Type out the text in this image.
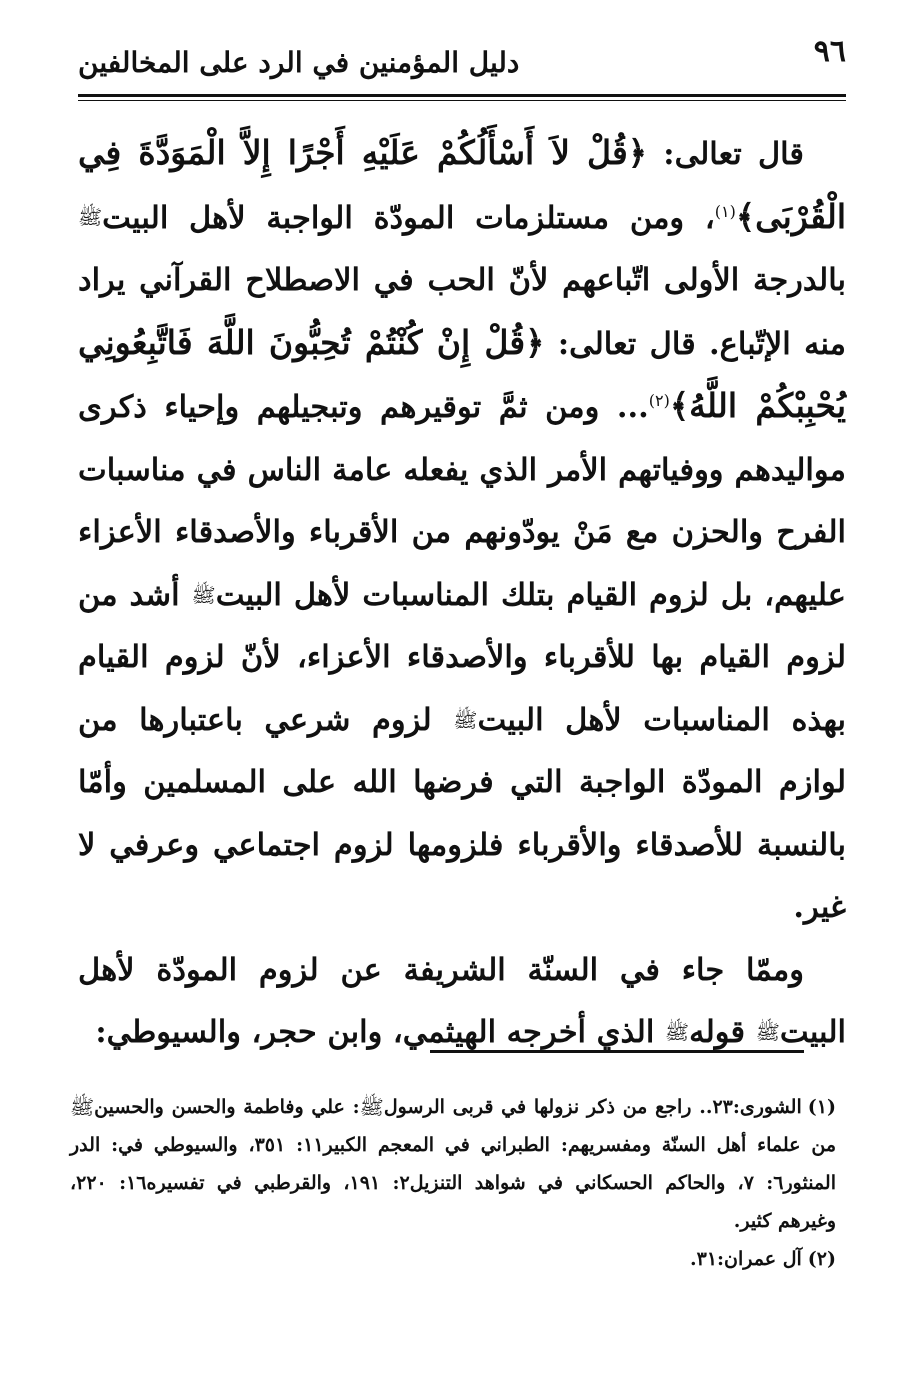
٩٦
دليل المؤمنين في الرد على المخالفين

قال تعالى: ﴿قُلْ لاَ أَسْأَلُكُمْ عَلَيْهِ أَجْرًا إِلاَّ الْمَوَدَّةَ فِي الْقُرْبَى﴾$^{(١)}$، ومن مستلزمات المودّة الواجبة لأهل البيت$^ﷺ$ بالدرجة الأولى اتّباعهم لأنّ الحب في الاصطلاح القرآني يراد منه الإتّباع. قال تعالى: ﴿قُلْ إِنْ كُنْتُمْ تُحِبُّونَ اللَّهَ فَاتَّبِعُونِي يُحْبِبْكُمْ اللَّهُ﴾$^{(٢)}$... ومن ثمَّ توقيرهم وتبجيلهم وإحياء ذكرى مواليدهم ووفياتهم الأمر الذي يفعله عامة الناس في مناسبات الفرح والحزن مع مَنْ يودّونهم من الأقرباء والأصدقاء الأعزاء عليهم، بل لزوم القيام بتلك المناسبات لأهل البيت$^ﷺ$ أشد من لزوم القيام بها للأقرباء والأصدقاء الأعزاء، لأنّ لزوم القيام بهذه المناسبات لأهل البيت$^ﷺ$ لزوم شرعي باعتبارها من لوازم المودّة الواجبة التي فرضها الله على المسلمين وأمّا بالنسبة للأصدقاء والأقرباء فلزومها لزوم اجتماعي وعرفي لا غير.

وممّا جاء في السنّة الشريفة عن لزوم المودّة لأهل البيت$^ﷺ$ قوله$^ﷺ$ الذي أخرجه الهيثمي، وابن حجر، والسيوطي:

(١)الشورى:٢٣.. راجع من ذكر نزولها في قربى الرسولﷺ: علي وفاطمة والحسن والحسينﷺ من علماء أهل السنّة ومفسريهم: الطبراني في المعجم الكبير١١: ٣٥١، والسيوطي في: الدر المنثور٦: ٧، والحاكم الحسكاني في شواهد التنزيل٢: ١٩١، والقرطبي في تفسيره١٦: ٢٢٠، وغيرهم كثير.

(٢)آل عمران:٣١.
